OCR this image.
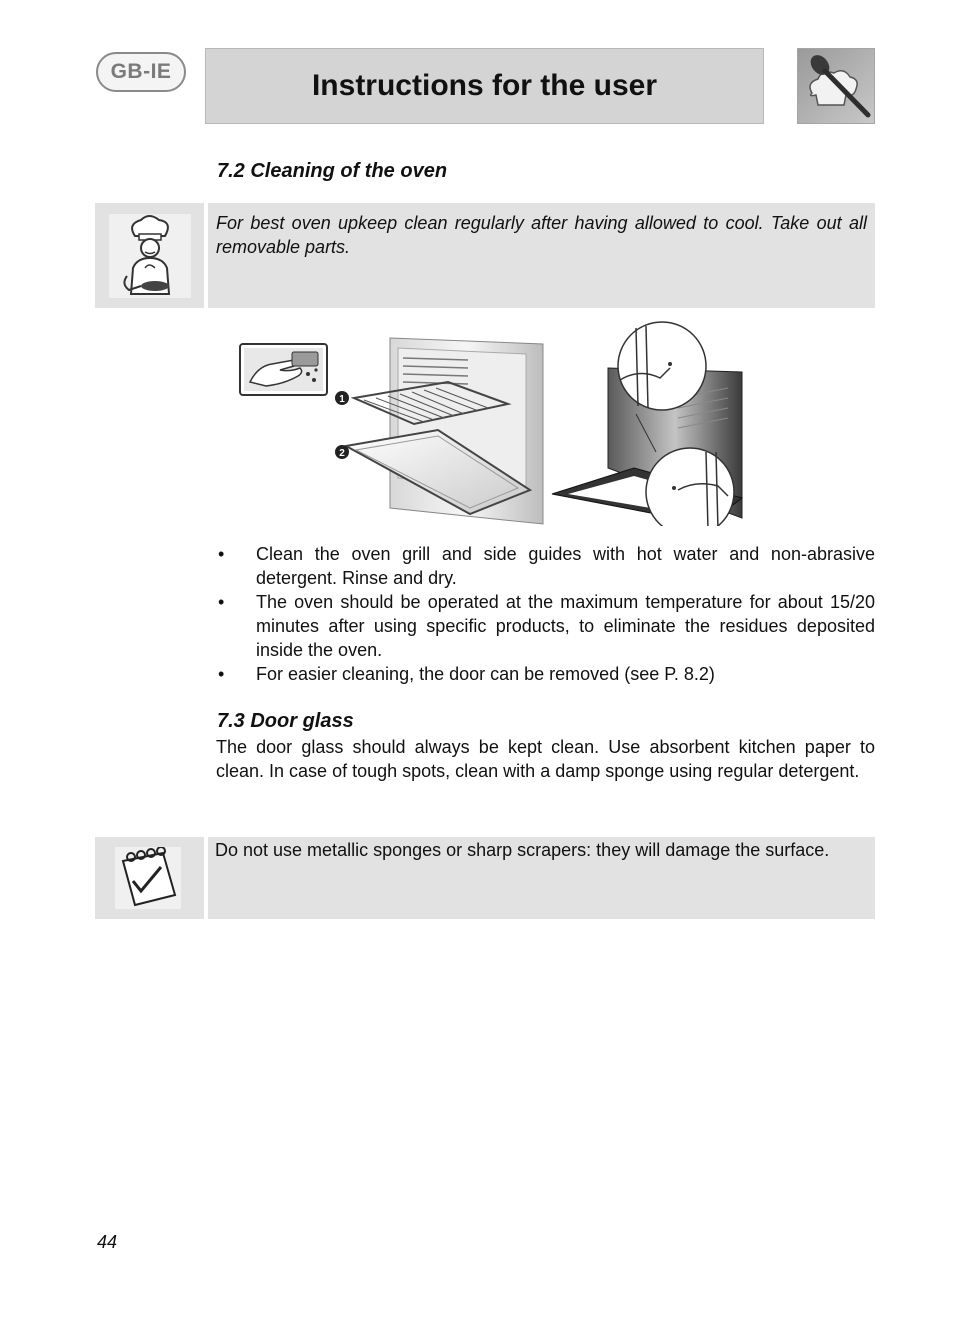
GB-IE	Instructions for the user
7.2 Cleaning of the oven
For best oven upkeep clean regularly after having allowed to cool. Take out all removable parts.
1
2
•	Clean the oven grill and side guides with hot water and non-abrasive detergent. Rinse and dry.
•	The oven should be operated at the maximum temperature for about 15/20 minutes after using specific products, to eliminate the residues deposited inside the oven.
•	For easier cleaning, the door can be removed (see P. 8.2)
7.3 Door glass
The door glass should always be kept clean. Use absorbent kitchen paper to clean. In case of tough spots, clean with a damp sponge using regular detergent.
Do not use metallic sponges or sharp scrapers: they will damage the surface.
44
